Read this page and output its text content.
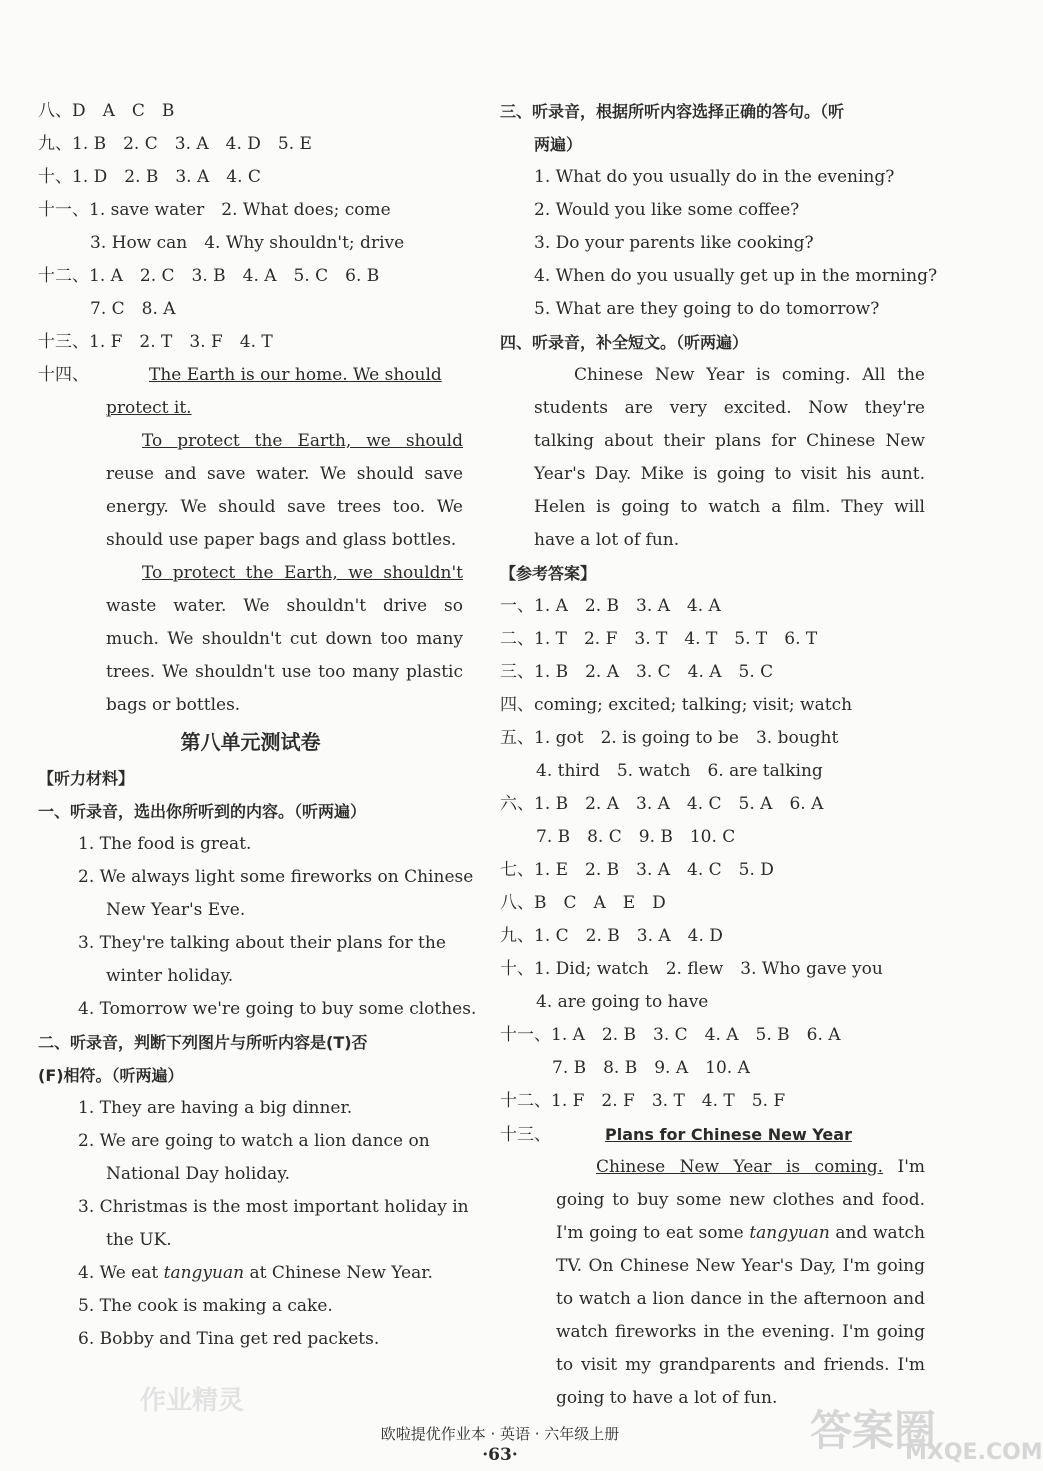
八、D　A　C　B
九、1. B　2. C　3. A　4. D　5. E
十、1. D　2. B　3. A　4. C
十一、1. save water　2. What does; come
3. How can　4. Why shouldn't; drive
十二、1. A　2. C　3. B　4. A　5. C　6. B
7. C　8. A
十三、1. F　2. T　3. F　4. T
十四、	The Earth is our home. We should
protect it.
To protect the Earth, we should reuse and save water. We should save energy. We should save trees too. We should use paper bags and glass bottles.
To protect the Earth, we shouldn't waste water. We shouldn't drive so much. We shouldn't cut down too many trees. We shouldn't use too many plastic bags or bottles.
第八单元测试卷
【听力材料】
一、听录音，选出你所听到的内容。（听两遍）
1. The food is great.
2. We always light some fireworks on Chinese
New Year's Eve.
3. They're talking about their plans for the
winter holiday.
4. Tomorrow we're going to buy some clothes.
二、听录音，判断下列图片与所听内容是(T)否
(F)相符。（听两遍）
1. They are having a big dinner.
2. We are going to watch a lion dance on
National Day holiday.
3. Christmas is the most important holiday in
the UK.
4. We eat tangyuan at Chinese New Year.
5. The cook is making a cake.
6. Bobby and Tina get red packets.
三、听录音，根据所听内容选择正确的答句。（听
两遍）
1. What do you usually do in the evening?
2. Would you like some coffee?
3. Do your parents like cooking?
4. When do you usually get up in the morning?
5. What are they going to do tomorrow?
四、听录音，补全短文。（听两遍）
Chinese New Year is coming. All the students are very excited. Now they're talking about their plans for Chinese New Year's Day. Mike is going to visit his aunt. Helen is going to watch a film. They will have a lot of fun.
【参考答案】
一、1. A　2. B　3. A　4. A
二、1. T　2. F　3. T　4. T　5. T　6. T
三、1. B　2. A　3. C　4. A　5. C
四、coming; excited; talking; visit; watch
五、1. got　2. is going to be　3. bought
4. third　5. watch　6. are talking
六、1. B　2. A　3. A　4. C　5. A　6. A
7. B　8. C　9. B　10. C
七、1. E　2. B　3. A　4. C　5. D
八、B　C　A　E　D
九、1. C　2. B　3. A　4. D
十、1. Did; watch　2. flew　3. Who gave you
4. are going to have
十一、1. A　2. B　3. C　4. A　5. B　6. A
7. B　8. B　9. A　10. A
十二、1. F　2. F　3. T　4. T　5. F
十三、	Plans for Chinese New Year
Chinese New Year is coming. I'm going to buy some new clothes and food. I'm going to eat some tangyuan and watch TV. On Chinese New Year's Day, I'm going to watch a lion dance in the afternoon and watch fireworks in the evening. I'm going to visit my grandparents and friends. I'm going to have a lot of fun.
作业精灵
欧啦提优作业本 · 英语 · 六年级上册
·63·	答案圈
MXQE.COM
